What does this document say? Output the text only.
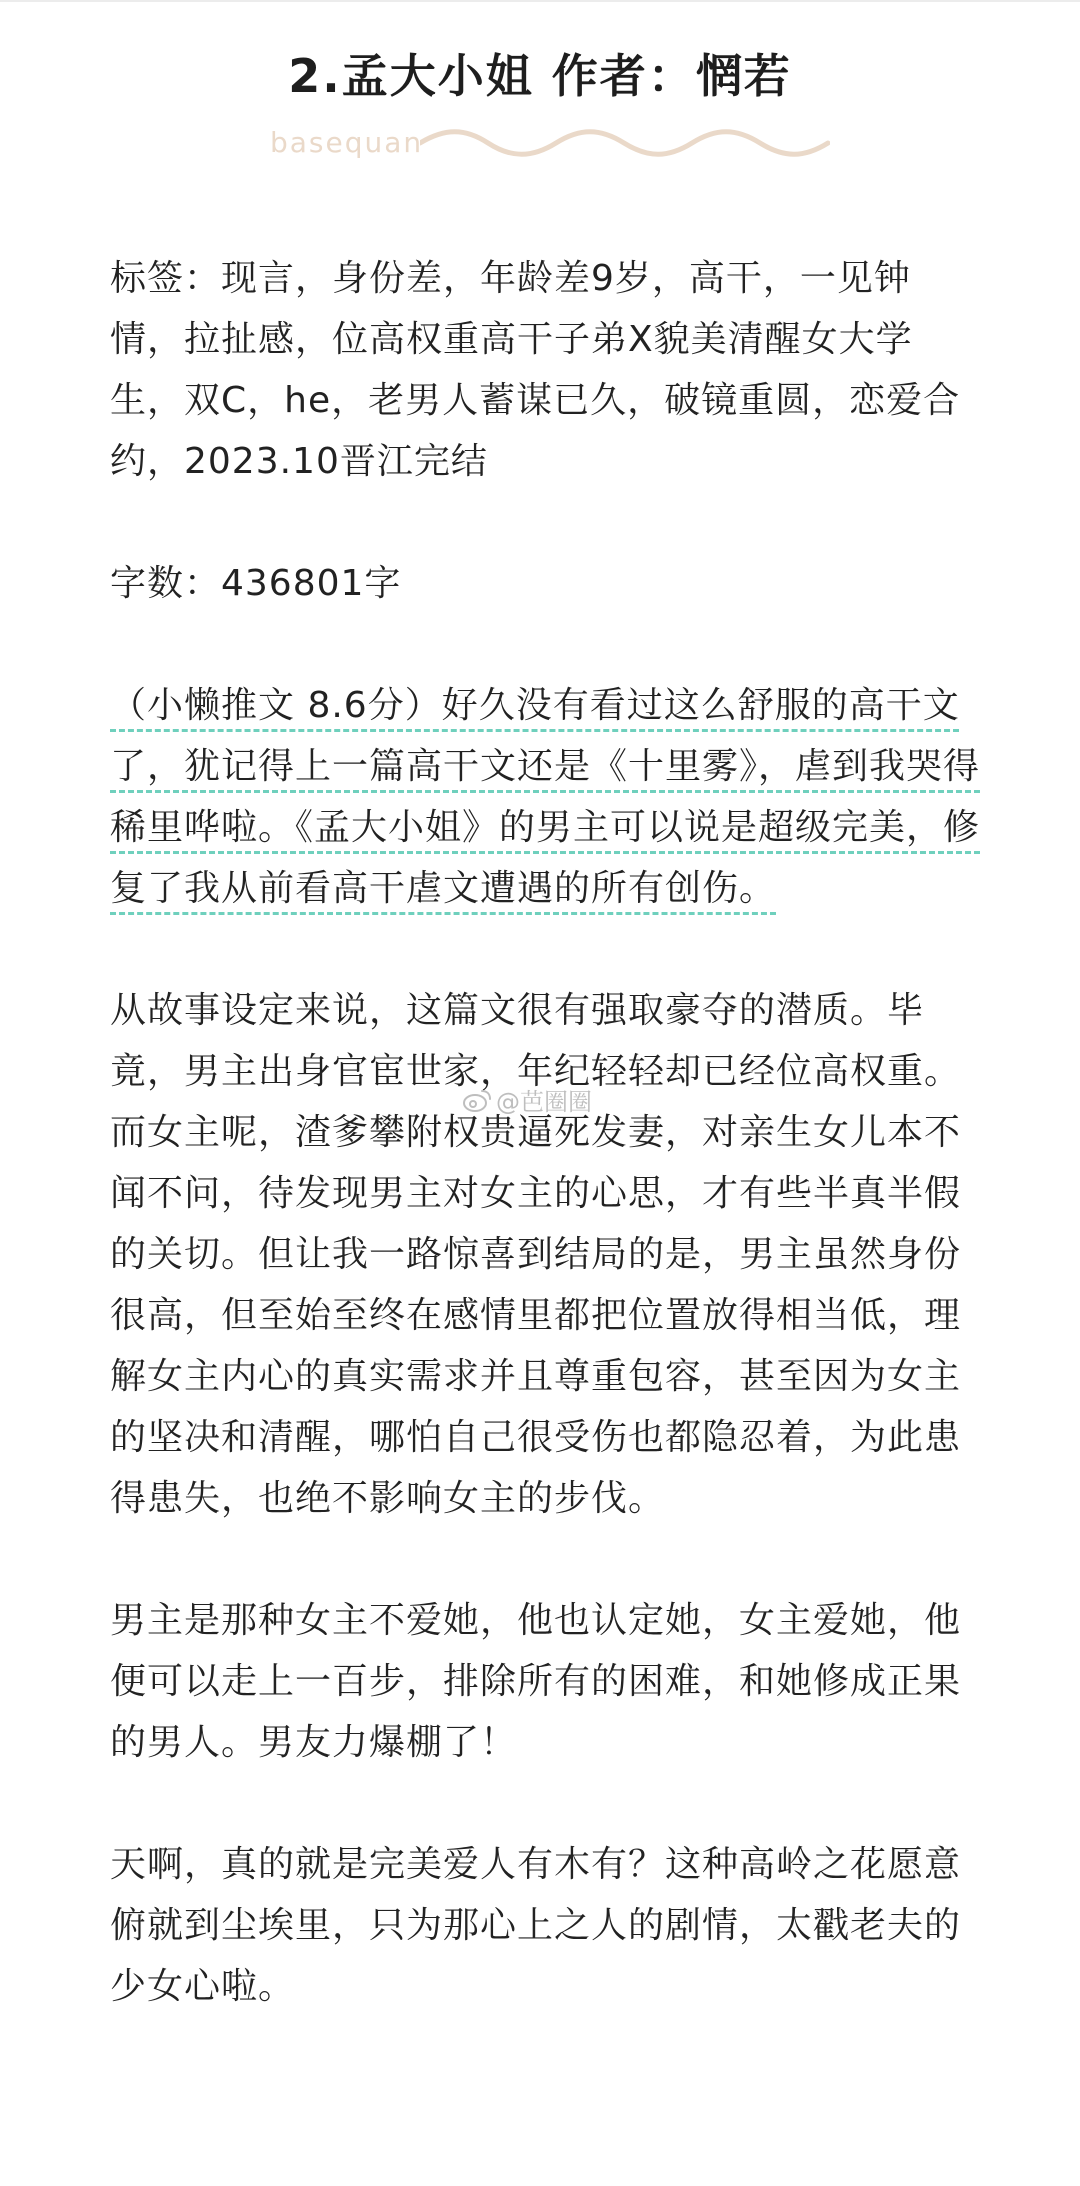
2.孟大小姐 作者：惘若
basequan

标签：现言，身份差，年龄差9岁，高干，一见钟情，拉扯感，位高权重高干子弟X貌美清醒女大学生，双C，he，老男人蓄谋已久，破镜重圆，恋爱合约，2023.10晋江完结

字数：436801字

（小懒推文 8.6分）好久没有看过这么舒服的高干文了，犹记得上一篇高干文还是《十里雾》，虐到我哭得稀里哗啦。《孟大小姐》的男主可以说是超级完美，修复了我从前看高干虐文遭遇的所有创伤。

从故事设定来说，这篇文很有强取豪夺的潜质。毕竟，男主出身官宦世家，年纪轻轻却已经位高权重。而女主呢，渣爹攀附权贵逼死发妻，对亲生女儿本不闻不问，待发现男主对女主的心思，才有些半真半假的关切。但让我一路惊喜到结局的是，男主虽然身份很高，但至始至终在感情里都把位置放得相当低，理解女主内心的真实需求并且尊重包容，甚至因为女主的坚决和清醒，哪怕自己很受伤也都隐忍着，为此患得患失，也绝不影响女主的步伐。

男主是那种女主不爱她，他也认定她，女主爱她，他便可以走上一百步，排除所有的困难，和她修成正果的男人。男友力爆棚了！

天啊，真的就是完美爱人有木有？这种高岭之花愿意俯就到尘埃里，只为那心上之人的剧情，太戳老夫的少女心啦。

@芭圈圈
